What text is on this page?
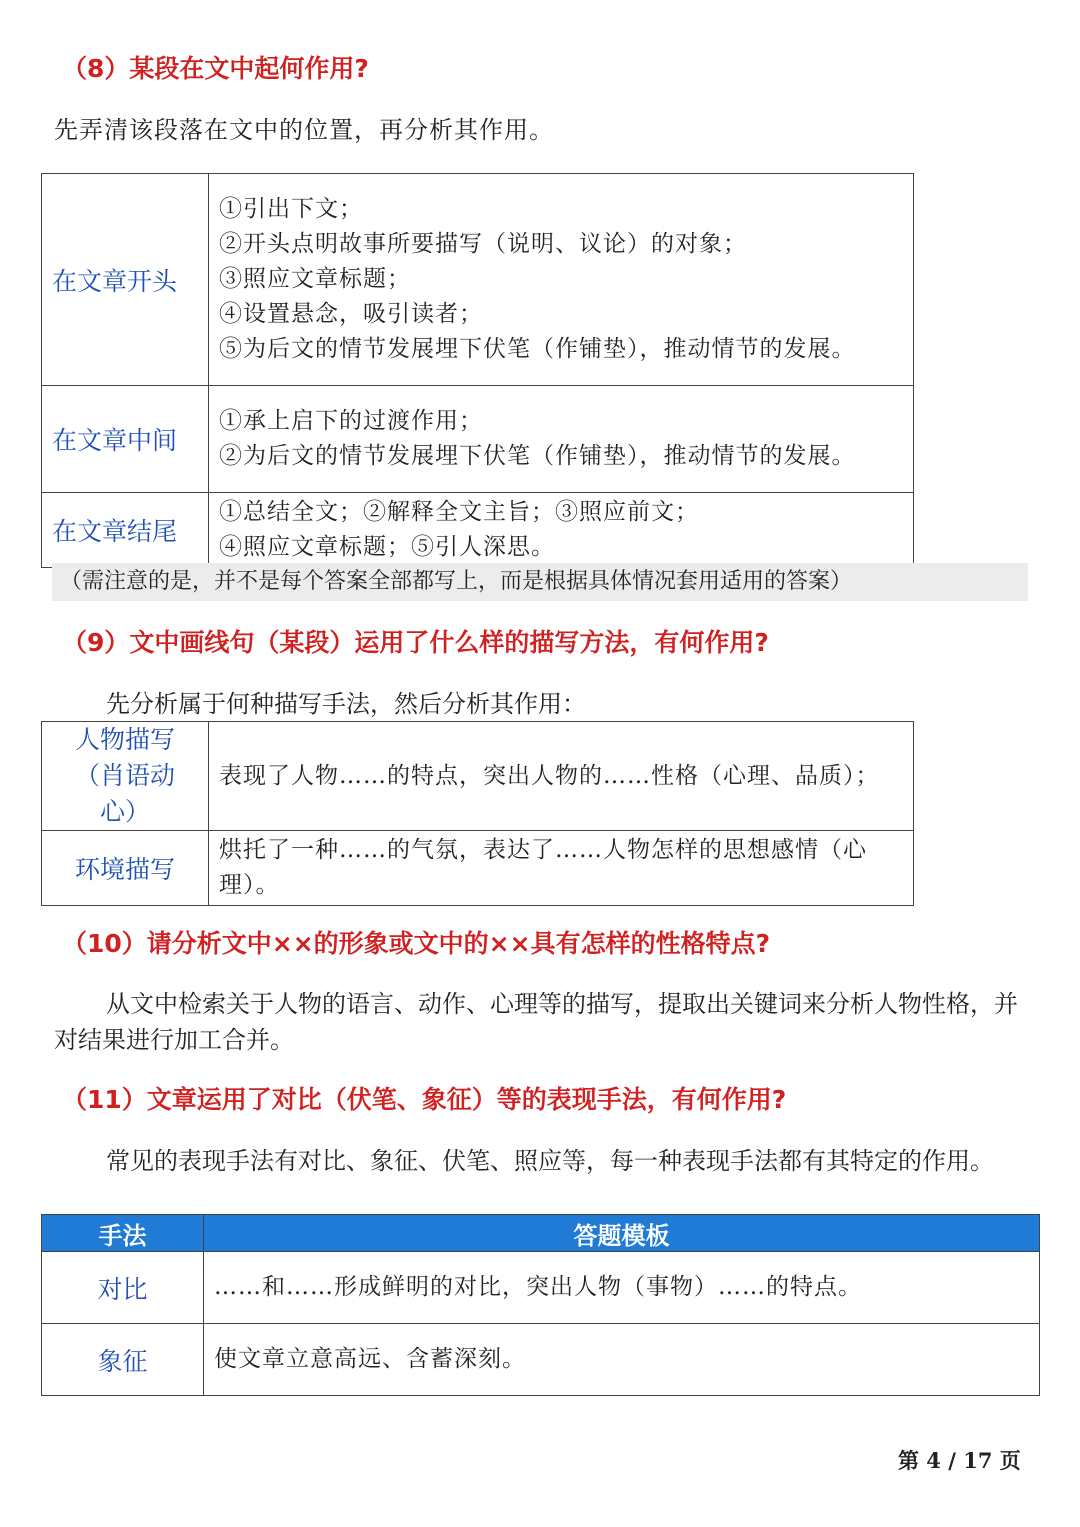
（8）某段在文中起何作用?
先弄清该段落在文中的位置，再分析其作用。
在文章开头	①引出下文；
②开头点明故事所要描写（说明、议论）的对象；
③照应文章标题；
④设置悬念，吸引读者；
⑤为后文的情节发展埋下伏笔（作铺垫），推动情节的发展。

在文章中间	①承上启下的过渡作用；
②为后文的情节发展埋下伏笔（作铺垫），推动情节的发展。

在文章结尾	①总结全文；②解释全文主旨；③照应前文；
④照应文章标题；⑤引人深思。
（需注意的是，并不是每个答案全部都写上，而是根据具体情况套用适用的答案）
（9）文中画线句（某段）运用了什么样的描写方法，有何作用?
先分析属于何种描写手法，然后分析其作用：
人物描写（肖语动心）	表现了人物……的特点，突出人物的……性格（心理、品质）；
环境描写	烘托了一种……的气氛，表达了……人物怎样的思想感情（心理）。
（10）请分析文中××的形象或文中的××具有怎样的性格特点?
从文中检索关于人物的语言、动作、心理等的描写，提取出关键词来分析人物性格，并对结果进行加工合并。
（11）文章运用了对比（伏笔、象征）等的表现手法，有何作用?
常见的表现手法有对比、象征、伏笔、照应等，每一种表现手法都有其特定的作用。
手法	答题模板
对比	……和……形成鲜明的对比，突出人物（事物）……的特点。
象征	使文章立意高远、含蓄深刻。
第 4 / 17 页
